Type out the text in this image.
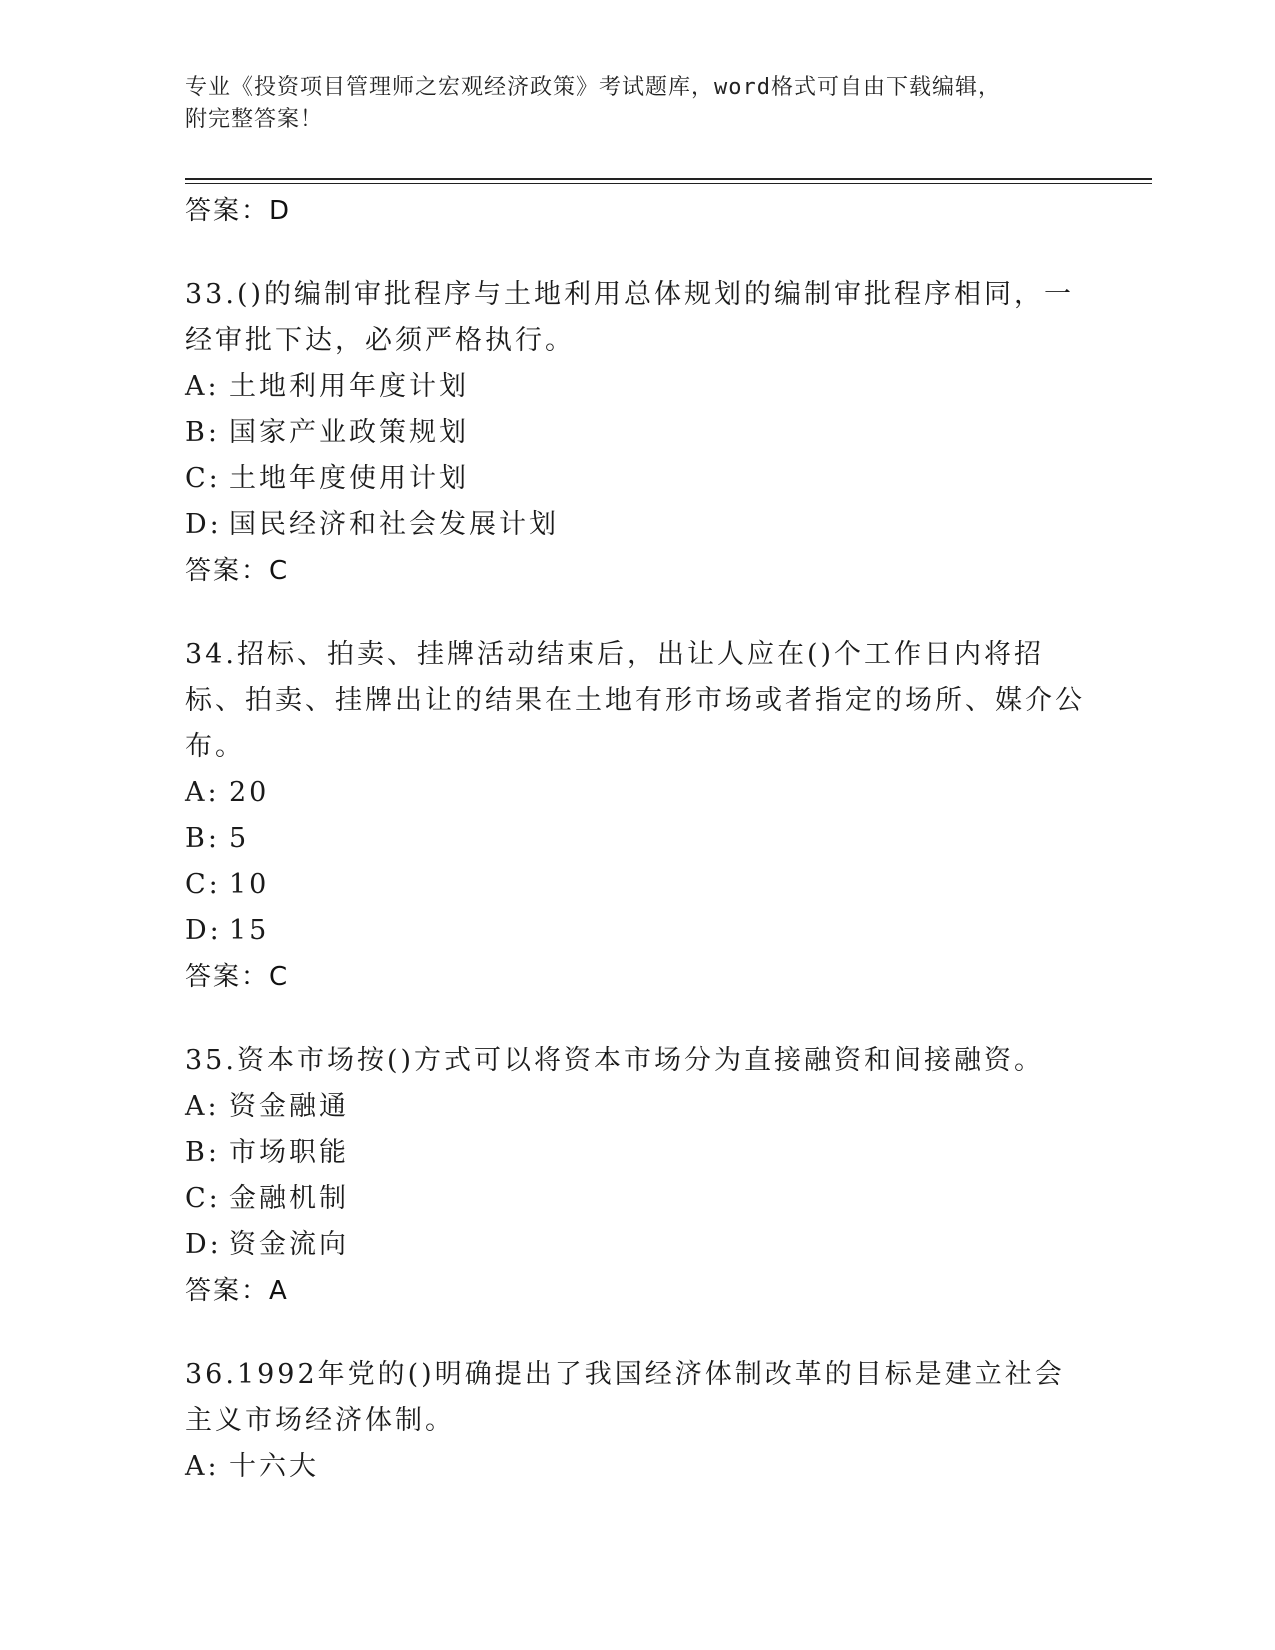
专业《投资项目管理师之宏观经济政策》考试题库，word格式可自由下载编辑，
附完整答案！
答案：D
33.()的编制审批程序与土地利用总体规划的编制审批程序相同，一经审批下达，必须严格执行。
A: 土地利用年度计划
B: 国家产业政策规划
C: 土地年度使用计划
D: 国民经济和社会发展计划
答案：C
34.招标、拍卖、挂牌活动结束后，出让人应在()个工作日内将招标、拍卖、挂牌出让的结果在土地有形市场或者指定的场所、媒介公布。
A: 20
B: 5
C: 10
D: 15
答案：C
35.资本市场按()方式可以将资本市场分为直接融资和间接融资。
A: 资金融通
B: 市场职能
C: 金融机制
D: 资金流向
答案：A
36.1992年党的()明确提出了我国经济体制改革的目标是建立社会主义市场经济体制。
A: 十六大
